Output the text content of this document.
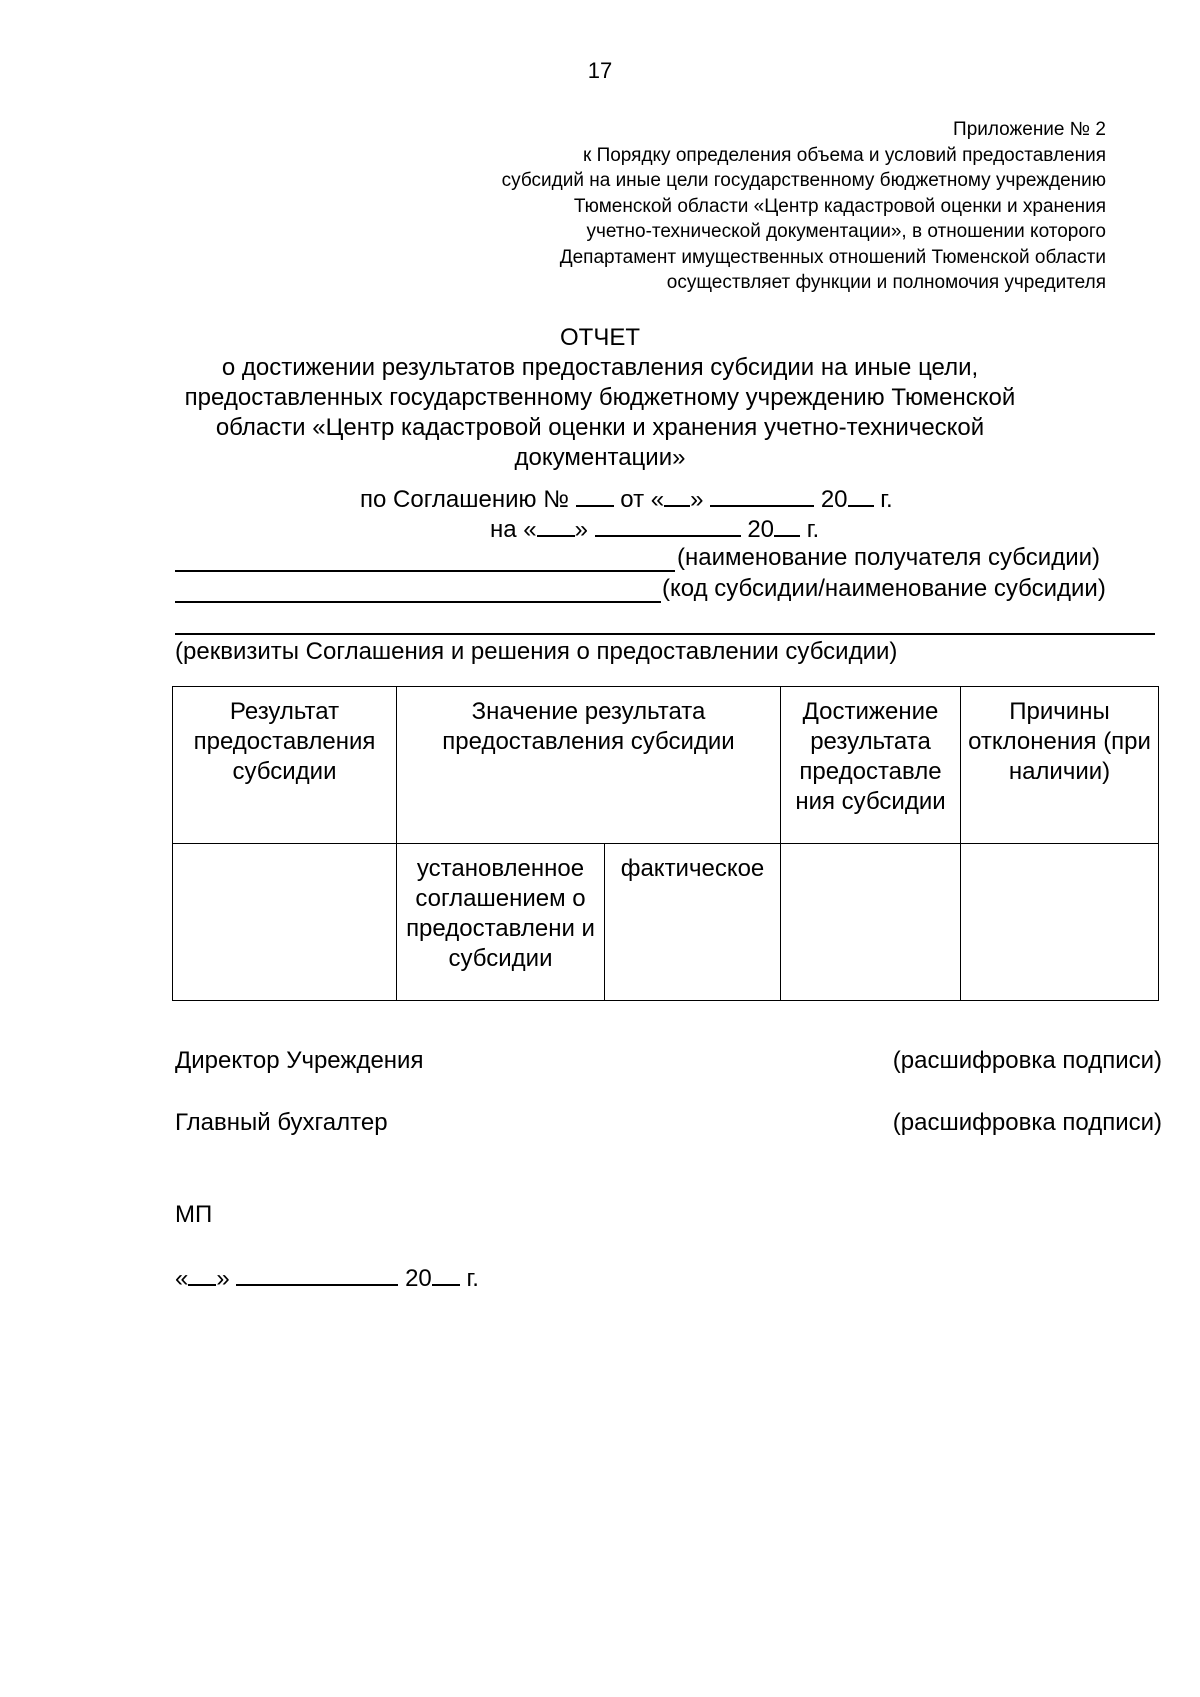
17
Приложение № 2
к Порядку определения объема и условий предоставления
субсидий на иные цели государственному бюджетному учреждению
Тюменской области «Центр кадастровой оценки и хранения
учетно-технической документации», в отношении которого
Департамент имущественных отношений Тюменской области
осуществляет функции и полномочия учредителя
ОТЧЕТ
о достижении результатов предоставления субсидии на иные цели,
предоставленных государственному бюджетному учреждению Тюменской
области «Центр кадастровой оценки и хранения учетно-технической
документации»
по Соглашению № от « »	20 г.
на « »	20 г.
(наименование получателя субсидии)
(код субсидии/наименование субсидии)
(реквизиты Соглашения и решения о предоставлении субсидии)
Результат предоставления субсидии	Значение результата предоставления субсидии		Достижение результата предоставле ния субсидии	Причины отклонения (при наличии)
	установленное соглашением о предоставлени и субсидии	фактическое		
Директор Учреждения	(расшифровка подписи)
Главный бухгалтер	(расшифровка подписи)
МП
« »	20 г.
